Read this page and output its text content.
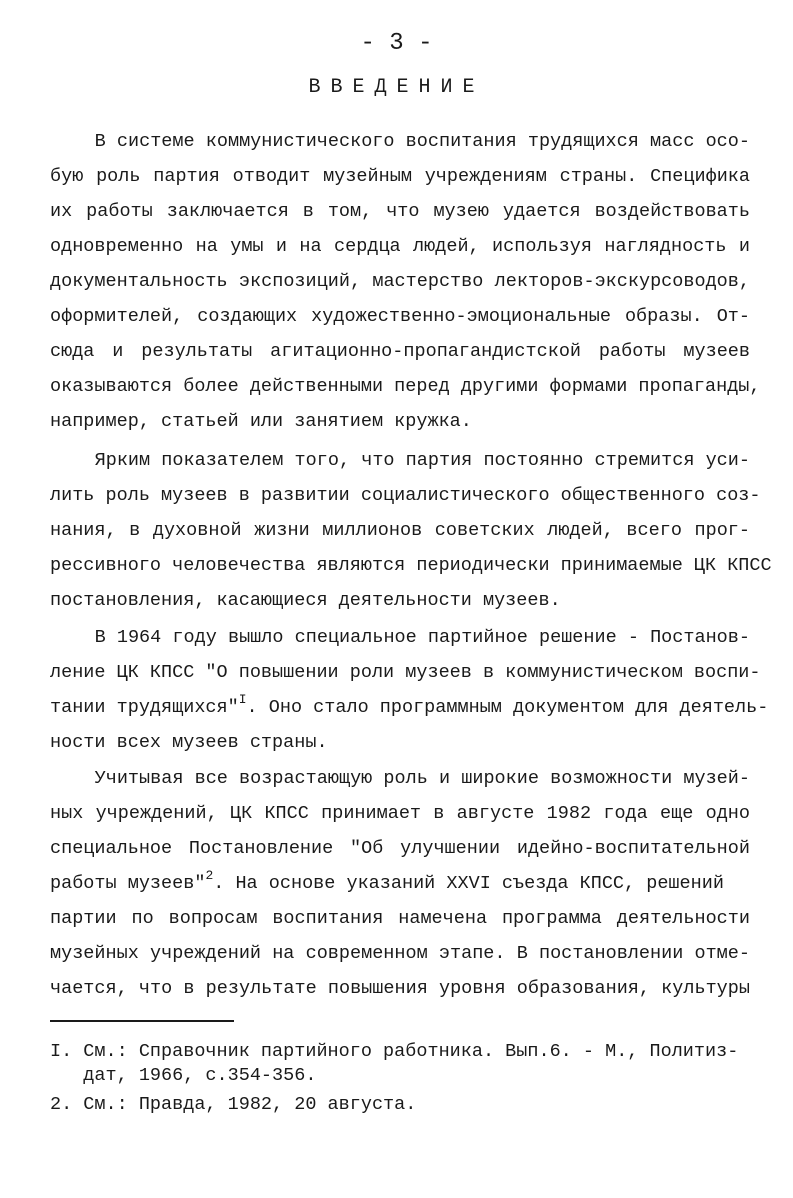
- 3 -
ВВЕДЕНИЕ
В системе коммунистического воспитания трудящихся масс осо-
бую роль партия отводит музейным учреждениям страны. Специфика
их работы заключается в том, что музею удается воздействовать
одновременно на умы и на сердца людей, используя наглядность и
документальность экспозиций, мастерство лекторов-экскурсоводов,
оформителей, создающих художественно-эмоциональные образы. От-
сюда и результаты агитационно-пропагандистской работы музеев
оказываются более действенными перед другими формами пропаганды,
например, статьей или занятием кружка.
Ярким показателем того, что партия постоянно стремится уси-
лить роль музеев в развитии социалистического общественного соз-
нания, в духовной жизни миллионов советских людей, всего прог-
рессивного человечества являются периодически принимаемые ЦК КПСС
постановления, касающиеся деятельности музеев.
В 1964 году вышло специальное партийное решение - Постанов-
ление ЦК КПСС "О повышении роли музеев в коммунистическом воспи-
тании трудящихся"$^I$. Оно стало программным документом для деятель-
ности всех музеев страны.
Учитывая все возрастающую роль и широкие возможности музей-
ных учреждений, ЦК КПСС принимает в августе 1982 года еще одно
специальное Постановление "Об улучшении идейно-воспитательной
работы музеев"$^2$. На основе указаний XXVI съезда КПСС, решений
партии по вопросам воспитания намечена программа деятельности
музейных учреждений на современном этапе. В постановлении отме-
чается, что в результате повышения уровня образования, культуры
I. См.: Справочник партийного работника. Вып.6. - М., Политиз-
дат, 1966, с.354-356.
2. См.: Правда, 1982, 20 августа.
